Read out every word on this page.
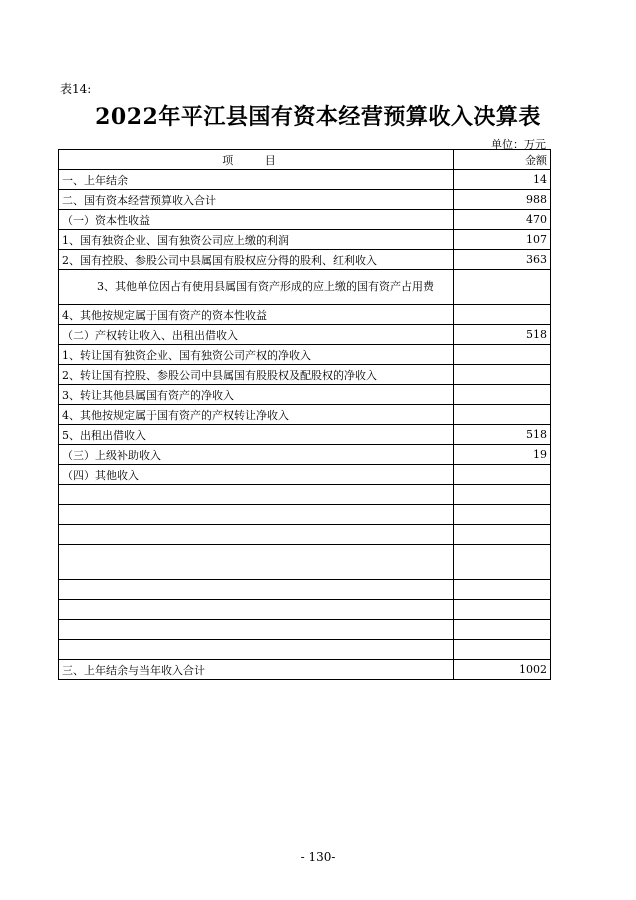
表14:
2022年平江县国有资本经营预算收入决算表
单位：万元
项 目	金额
一、上年结余	14
二、国有资本经营预算收入合计	988
（一）资本性收益	470
1、国有独资企业、国有独资公司应上缴的利润	107
2、国有控股、参股公司中县属国有股权应分得的股利、红利收入	363
3、其他单位因占有使用县属国有资产形成的应上缴的国有资产占用费	
4、其他按规定属于国有资产的资本性收益	
（二）产权转让收入、出租出借收入	518
1、转让国有独资企业、国有独资公司产权的净收入	
2、转让国有控股、参股公司中县属国有股股权及配股权的净收入	
3、转让其他县属国有资产的净收入	
4、其他按规定属于国有资产的产权转让净收入	
5、出租出借收入	518
（三）上级补助收入	19
（四）其他收入	

三、上年结余与当年收入合计	1002
- 130-
